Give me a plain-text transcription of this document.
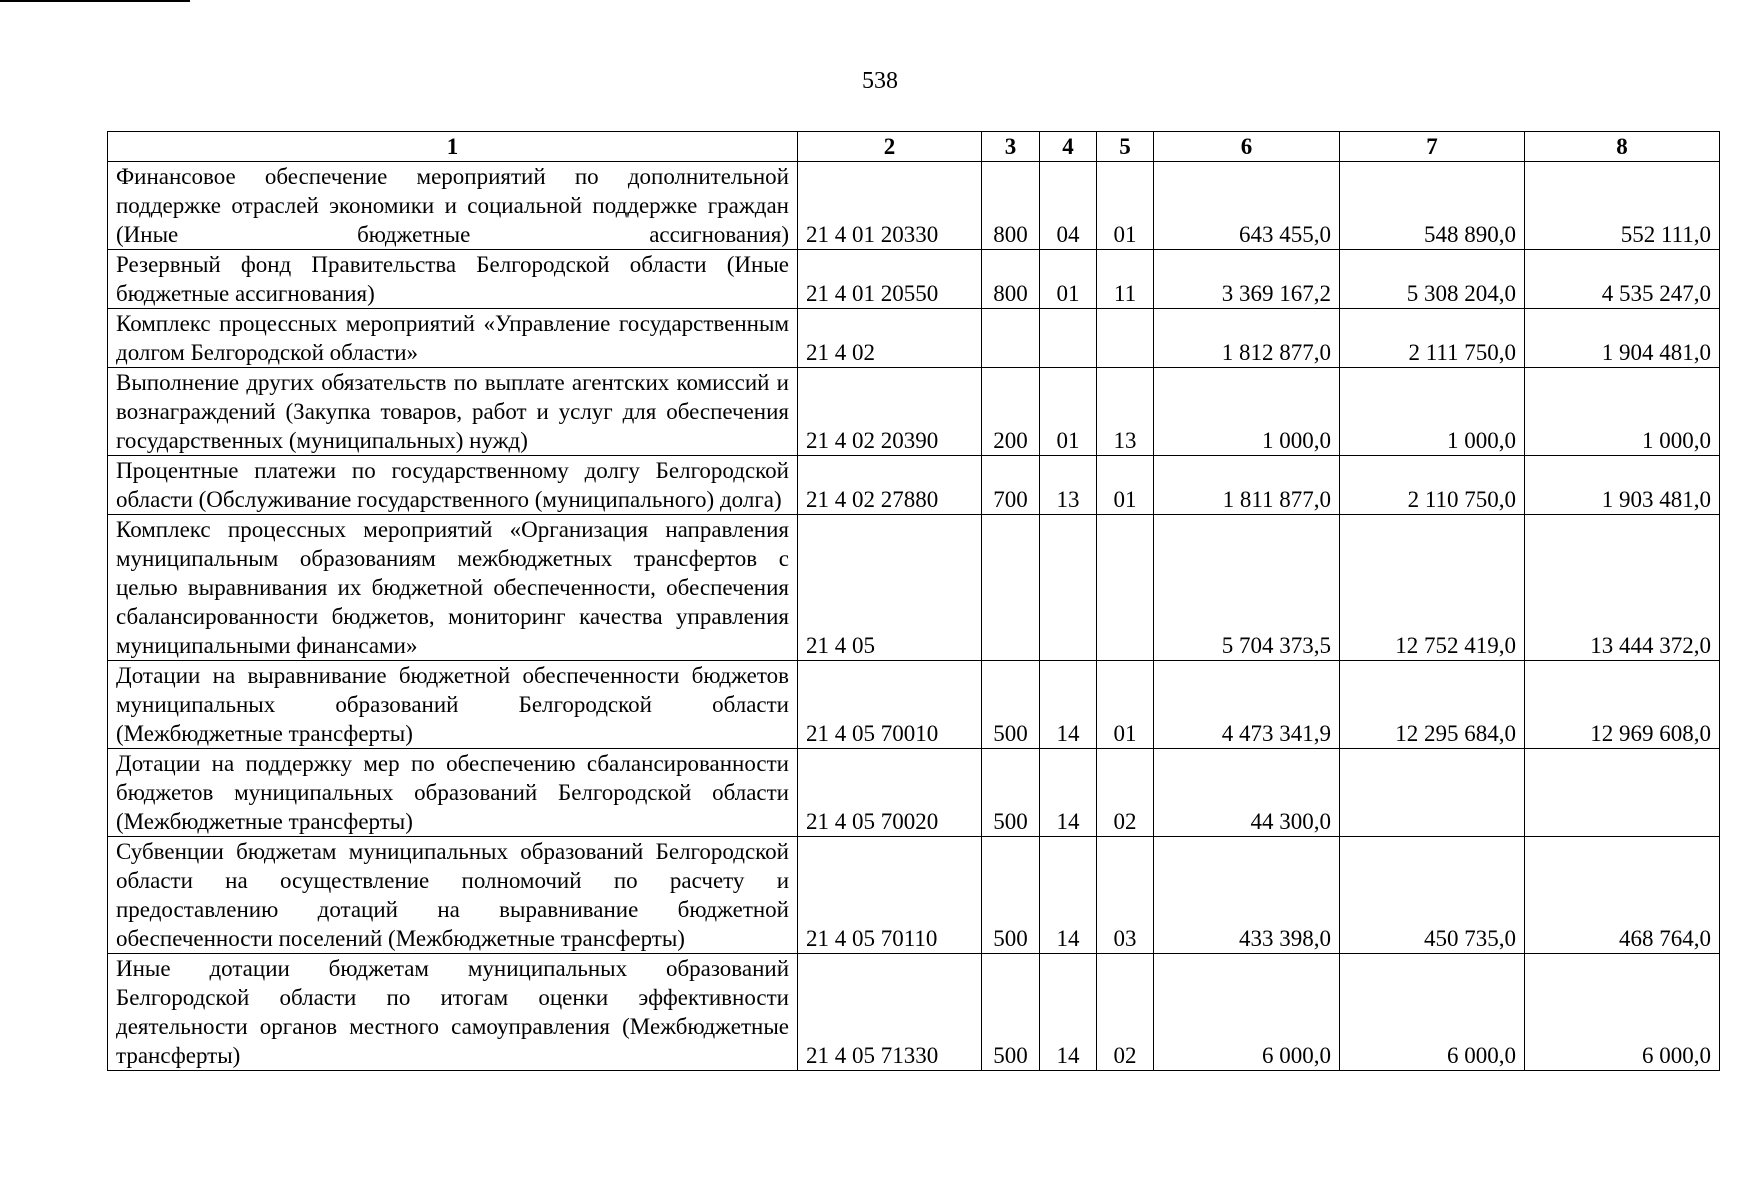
538
1	2	3	4	5	6	7	8
Финансовое обеспечение мероприятий по дополнительной поддержке отраслей экономики и социальной поддержке граждан (Иные бюджетные ассигнования)	21 4 01 20330	800	04	01	643 455,0	548 890,0	552 111,0
Резервный фонд Правительства Белгородской области (Иные бюджетные ассигнования)	21 4 01 20550	800	01	11	3 369 167,2	5 308 204,0	4 535 247,0
Комплекс процессных мероприятий «Управление государственным долгом Белгородской области»	21 4 02				1 812 877,0	2 111 750,0	1 904 481,0
Выполнение других обязательств по выплате агентских комиссий и вознаграждений (Закупка товаров, работ и услуг для обеспечения государственных (муниципальных) нужд)	21 4 02 20390	200	01	13	1 000,0	1 000,0	1 000,0
Процентные платежи по государственному долгу Белгородской области (Обслуживание государственного (муниципального) долга)	21 4 02 27880	700	13	01	1 811 877,0	2 110 750,0	1 903 481,0
Комплекс процессных мероприятий «Организация направления муниципальным образованиям межбюджетных трансфертов с целью выравнивания их бюджетной обеспеченности, обеспечения сбалансированности бюджетов, мониторинг качества управления муниципальными финансами»	21 4 05				5 704 373,5	12 752 419,0	13 444 372,0
Дотации на выравнивание бюджетной обеспеченности бюджетов муниципальных образований Белгородской области (Межбюджетные трансферты)	21 4 05 70010	500	14	01	4 473 341,9	12 295 684,0	12 969 608,0
Дотации на поддержку мер по обеспечению сбалансированности бюджетов муниципальных образований Белгородской области (Межбюджетные трансферты)	21 4 05 70020	500	14	02	44 300,0		
Субвенции бюджетам муниципальных образований Белгородской области на осуществление полномочий по расчету и предоставлению дотаций на выравнивание бюджетной обеспеченности поселений (Межбюджетные трансферты)	21 4 05 70110	500	14	03	433 398,0	450 735,0	468 764,0
Иные дотации бюджетам муниципальных образований Белгородской области по итогам оценки эффективности деятельности органов местного самоуправления (Межбюджетные трансферты)	21 4 05 71330	500	14	02	6 000,0	6 000,0	6 000,0
